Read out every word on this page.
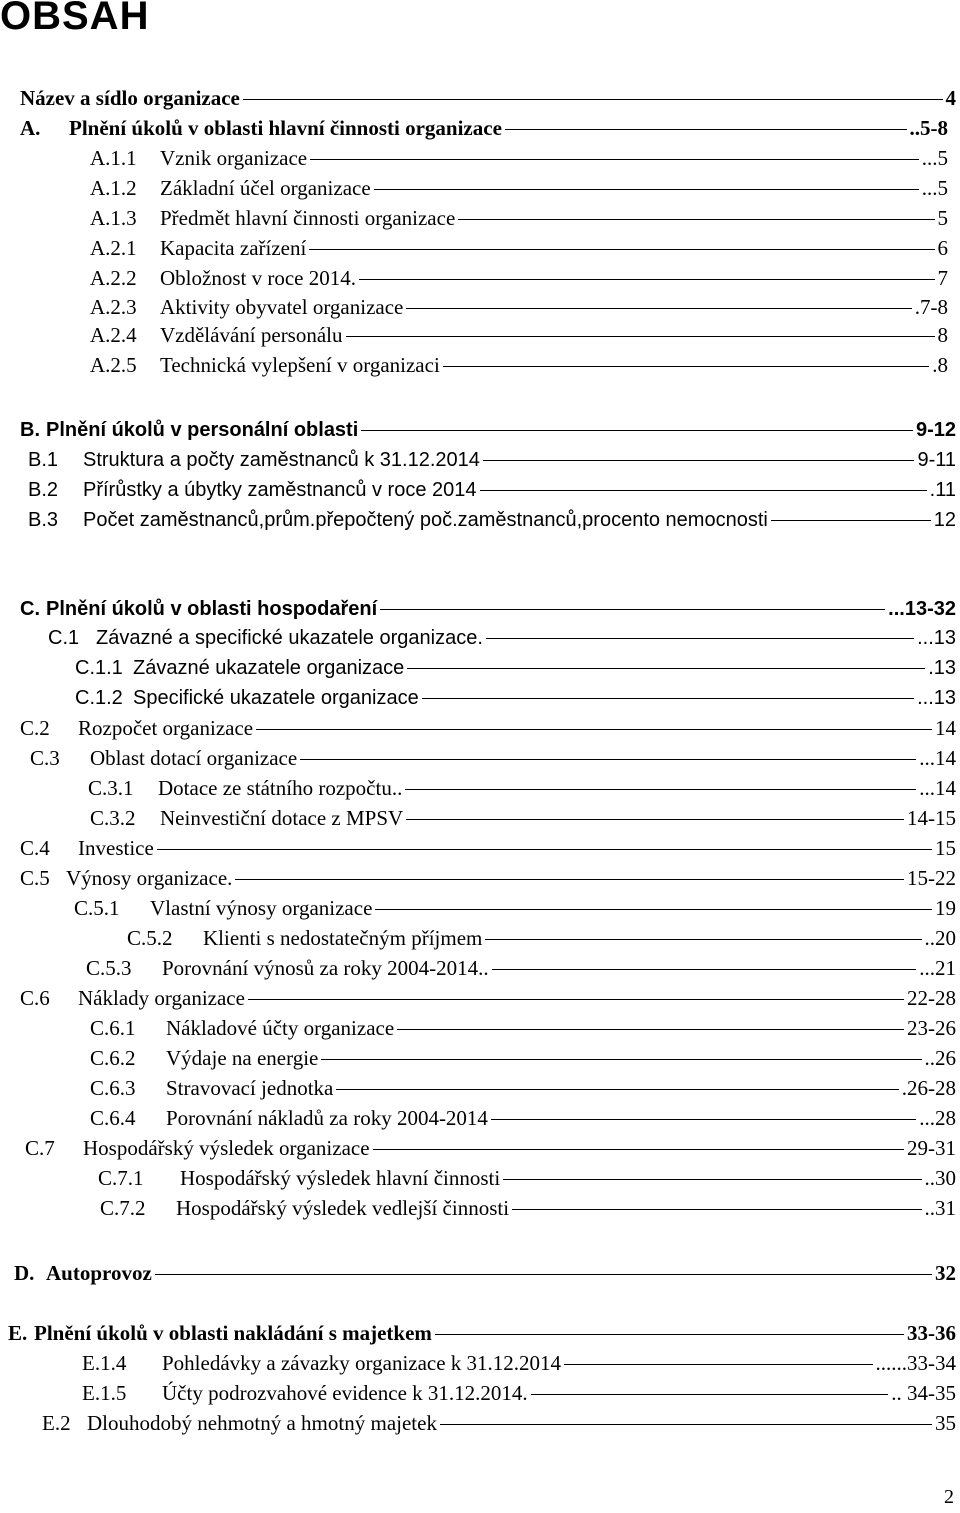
OBSAH
Název a sídlo organizace	4
A.	Plnění úkolů v oblasti hlavní činnosti organizace	..5-8
A.1.1	Vznik organizace	...5
A.1.2	Základní účel organizace	...5
A.1.3	Předmět hlavní činnosti organizace	5
A.2.1	Kapacita zařízení	6
A.2.2	Obložnost v roce 2014.	7
A.2.3	Aktivity obyvatel organizace	.7-8
A.2.4	Vzdělávání personálu	8
A.2.5	Technická vylepšení v organizaci	.8
B. Plnění úkolů v personální oblasti	9-12
B.1	Struktura a počty zaměstnanců k 31.12.2014	9-11
B.2	Přírůstky a úbytky zaměstnanců v roce 2014	.11
B.3	Počet zaměstnanců,prům.přepočtený poč.zaměstnanců,procento nemocnosti	12
C. Plnění úkolů v oblasti hospodaření	...13-32
C.1 Závazné a specifické ukazatele organizace.	...13
C.1.1 Závazné ukazatele organizace	.13
C.1.2 Specifické ukazatele organizace	...13
C.2	Rozpočet organizace	14
C.3	Oblast dotací organizace	...14
C.3.1	Dotace ze státního rozpočtu..	...14
C.3.2	Neinvestiční dotace z MPSV	14-15
C.4	Investice	15
C.5 Výnosy organizace.	15-22
C.5.1	Vlastní výnosy organizace	19
C.5.2	Klienti s nedostatečným příjmem	..20
C.5.3	Porovnání výnosů za roky 2004-2014..	...21
C.6	Náklady organizace	22-28
C.6.1	Nákladové účty organizace	23-26
C.6.2	Výdaje na energie	..26
C.6.3	Stravovací jednotka	.26-28
C.6.4	Porovnání nákladů za roky 2004-2014	...28
C.7	Hospodářský výsledek organizace	29-31
C.7.1	Hospodářský výsledek hlavní činnosti	..30
C.7.2	Hospodářský výsledek vedlejší činnosti	..31
D. Autoprovoz	32
E. Plnění úkolů v oblasti nakládání s majetkem	33-36
E.1.4	Pohledávky a závazky organizace k 31.12.2014	......33-34
E.1.5	Účty podrozvahové evidence k 31.12.2014.	.. 34-35
E.2 Dlouhodobý nehmotný a hmotný majetek	35
2
